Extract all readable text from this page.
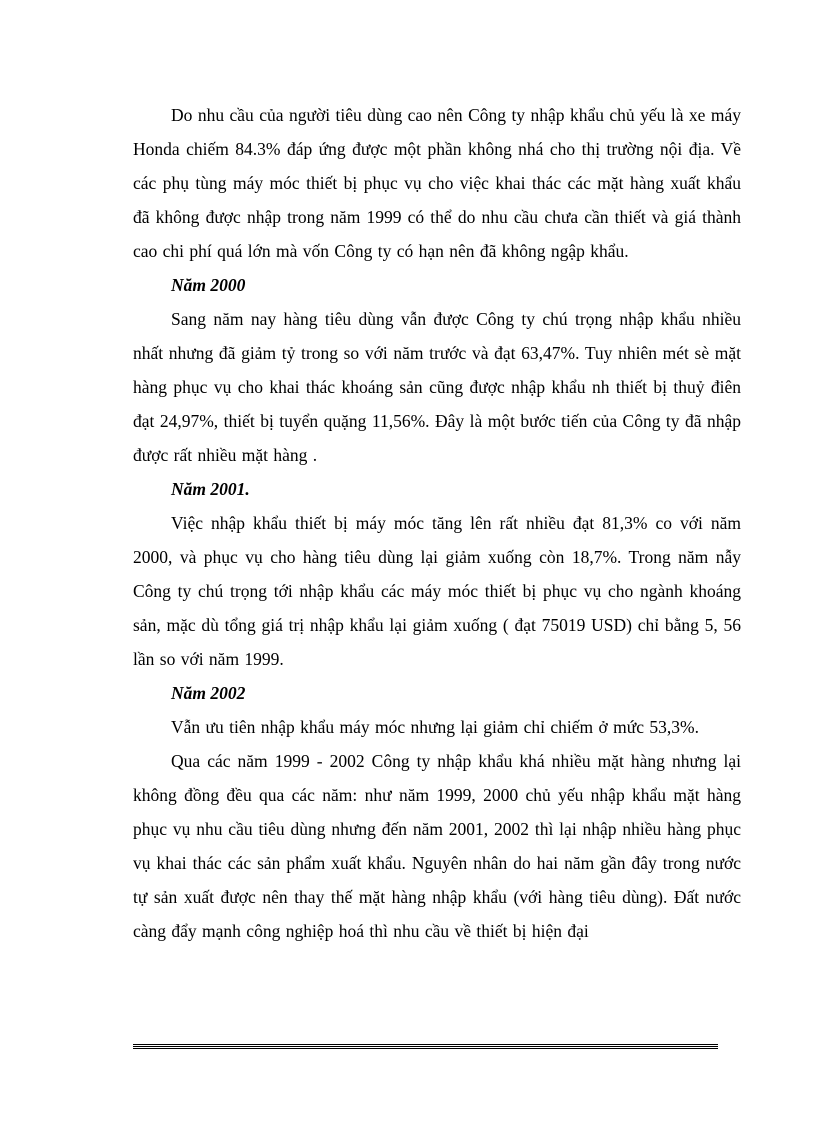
Do nhu cầu của người tiêu dùng cao nên Công ty nhập khẩu chủ yếu là xe máy Honda chiếm 84.3% đáp ứng được một phần không nhá cho thị trường nội địa. Về các phụ tùng máy móc thiết bị phục vụ cho việc khai thác các mặt hàng xuất khẩu đã không được nhập trong năm 1999 có thể do nhu cầu chưa cần thiết và giá thành cao chi phí quá lớn mà vốn Công ty có hạn nên đã không ngập khẩu.

Năm 2000

Sang năm nay hàng tiêu dùng vẫn được Công ty chú trọng nhập khẩu nhiều nhất nhưng đã giảm tỷ trong so với năm trước và đạt 63,47%. Tuy nhiên mét sè mặt hàng phục vụ cho khai thác khoáng sản cũng được nhập khẩu nh thiết bị thuỷ điên đạt 24,97%, thiết bị tuyển quặng 11,56%. Đây là một bước tiến của Công ty đã nhập được rất nhiều mặt hàng .

Năm 2001.

Việc nhập khẩu thiết bị máy móc tăng lên rất nhiều đạt 81,3% co với năm 2000, và phục vụ cho hàng tiêu dùng lại giảm xuống còn 18,7%. Trong năm nẫy Công ty chú trọng tới nhập khẩu các máy móc thiết bị phục vụ cho ngành khoáng sản, mặc dù tổng giá trị nhập khẩu lại giảm xuống ( đạt 75019 USD) chỉ bằng 5, 56 lần so với năm 1999.

Năm 2002

Vẫn ưu tiên nhập khẩu máy móc nhưng lại giảm chỉ chiếm ở mức 53,3%.

Qua các năm 1999 - 2002 Công ty nhập khẩu khá nhiều mặt hàng nhưng lại không đồng đều qua các năm: như năm 1999, 2000 chủ yếu nhập khẩu mặt hàng phục vụ nhu cầu tiêu dùng nhưng đến năm 2001, 2002 thì lại nhập nhiều hàng phục vụ khai thác các sản phẩm xuất khẩu. Nguyên nhân do hai năm gần đây trong nước tự sản xuất được nên thay thế mặt hàng nhập khẩu (với hàng tiêu dùng). Đất nước càng đẩy mạnh công nghiệp hoá thì nhu cầu về thiết bị hiện đại
